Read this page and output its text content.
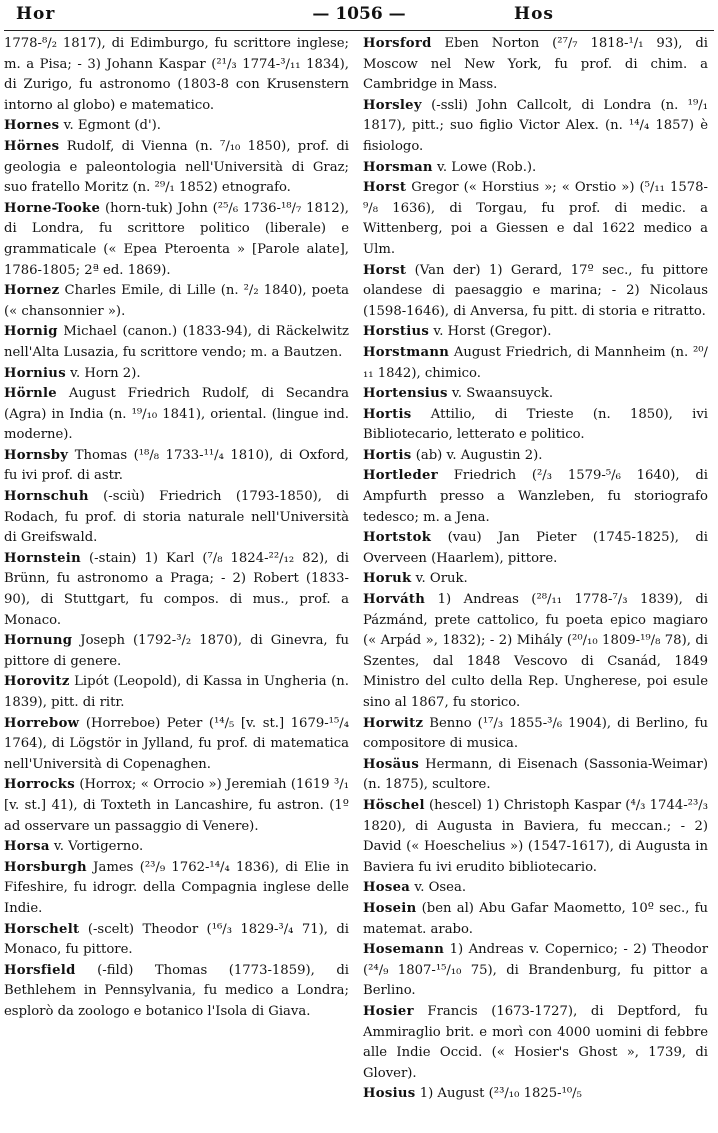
Hor	— 1056 —	Hos

1778-⁸/₂ 1817), di Edimburgo, fu scrittore inglese; m. a Pisa; - 3) Johann Kaspar (²¹/₃ 1774-³/₁₁ 1834), di Zurigo, fu astronomo (1803-8 con Krusenstern intorno al globo) e matematico.

Hornes v. Egmont (d').

Hörnes Rudolf, di Vienna (n. ⁷/₁₀ 1850), prof. di geologia e paleontologia nell'Università di Graz; suo fratello Moritz (n. ²⁹/₁ 1852) etnografo.

Horne-Tooke (horn-tuk) John (²⁵/₆ 1736-¹⁸/₇ 1812), di Londra, fu scrittore politico (liberale) e grammaticale (« Epea Pteroenta » [Parole alate], 1786-1805; 2ª ed. 1869).

Hornez Charles Emile, di Lille (n. ²/₂ 1840), poeta (« chansonnier »).

Hornig Michael (canon.) (1833-94), di Räckelwitz nell'Alta Lusazia, fu scrittore vendo; m. a Bautzen.

Hornius v. Horn 2).

Hörnle August Friedrich Rudolf, di Secandra (Agra) in India (n. ¹⁹/₁₀ 1841), oriental. (lingue ind. moderne).

Hornsby Thomas (¹⁸/₈ 1733-¹¹/₄ 1810), di Oxford, fu ivi prof. di astr.

Hornschuh (-sciù) Friedrich (1793-1850), di Rodach, fu prof. di storia naturale nell'Università di Greifswald.

Hornstein (-stain) 1) Karl (⁷/₈ 1824-²²/₁₂ 82), di Brünn, fu astronomo a Praga; - 2) Robert (1833-90), di Stuttgart, fu compos. di mus., prof. a Monaco.

Hornung Joseph (1792-³/₂ 1870), di Ginevra, fu pittore di genere.

Horovitz Lipót (Leopold), di Kassa in Ungheria (n. 1839), pitt. di ritr.

Horrebow (Horreboe) Peter (¹⁴/₅ [v. st.] 1679-¹⁵/₄ 1764), di Lögstör in Jylland, fu prof. di matematica nell'Università di Copenaghen.

Horrocks (Horrox; « Orrocio ») Jeremiah (1619 ³/₁ [v. st.] 41), di Toxteth in Lancashire, fu astron. (1º ad osservare un passaggio di Venere).

Horsa v. Vortigerno.

Horsburgh James (²³/₉ 1762-¹⁴/₄ 1836), di Elie in Fifeshire, fu idrogr. della Compagnia inglese delle Indie.

Horschelt (-scelt) Theodor (¹⁶/₃ 1829-³/₄ 71), di Monaco, fu pittore.

Horsfield (-fild) Thomas (1773-1859), di Bethlehem in Pennsylvania, fu medico a Londra; esplorò da zoologo e botanico l'Isola di Giava.

Horsford Eben Norton (²⁷/₇ 1818-¹/₁ 93), di Moscow nel New York, fu prof. di chim. a Cambridge in Mass.

Horsley (-ssli) John Callcolt, di Londra (n. ¹⁹/₁ 1817), pitt.; suo figlio Victor Alex. (n. ¹⁴/₄ 1857) è fisiologo.

Horsman v. Lowe (Rob.).

Horst Gregor (« Horstius »; « Orstio ») (⁵/₁₁ 1578-⁹/₈ 1636), di Torgau, fu prof. di medic. a Wittenberg, poi a Giessen e dal 1622 medico a Ulm.

Horst (Van der) 1) Gerard, 17º sec., fu pittore olandese di paesaggio e marina; - 2) Nicolaus (1598-1646), di Anversa, fu pitt. di storia e ritratto.

Horstius v. Horst (Gregor).

Horstmann August Friedrich, di Mannheim (n. ²⁰/₁₁ 1842), chimico.

Hortensius v. Swaansuyck.

Hortis Attilio, di Trieste (n. 1850), ivi Bibliotecario, letterato e politico.

Hortis (ab) v. Augustin 2).

Hortleder Friedrich (²/₃ 1579-⁵/₆ 1640), di Ampfurth presso a Wanzleben, fu storiografo tedesco; m. a Jena.

Hortstok (vau) Jan Pieter (1745-1825), di Overveen (Haarlem), pittore.

Horuk v. Oruk.

Horváth 1) Andreas (²⁸/₁₁ 1778-⁷/₃ 1839), di Pázmánd, prete cattolico, fu poeta epico magiaro (« Arpád », 1832); - 2) Mihály (²⁰/₁₀ 1809-¹⁹/₈ 78), di Szentes, dal 1848 Vescovo di Csanád, 1849 Ministro del culto della Rep. Ungherese, poi esule sino al 1867, fu storico.

Horwitz Benno (¹⁷/₃ 1855-³/₆ 1904), di Berlino, fu compositore di musica.

Hosäus Hermann, di Eisenach (Sassonia-Weimar) (n. 1875), scultore.

Höschel (hescel) 1) Christoph Kaspar (⁴/₃ 1744-²³/₃ 1820), di Augusta in Baviera, fu meccan.; - 2) David (« Hoeschelius ») (1547-1617), di Augusta in Baviera fu ivi erudito bibliotecario.

Hosea v. Osea.

Hosein (ben al) Abu Gafar Maometto, 10º sec., fu matemat. arabo.

Hosemann 1) Andreas v. Copernico; - 2) Theodor (²⁴/₉ 1807-¹⁵/₁₀ 75), di Brandenburg, fu pittor a Berlino.

Hosier Francis (1673-1727), di Deptford, fu Ammiraglio brit. e morì con 4000 uomini di febbre alle Indie Occid. (« Hosier's Ghost », 1739, di Glover).

Hosius 1) August (²³/₁₀ 1825-¹⁰/₅
